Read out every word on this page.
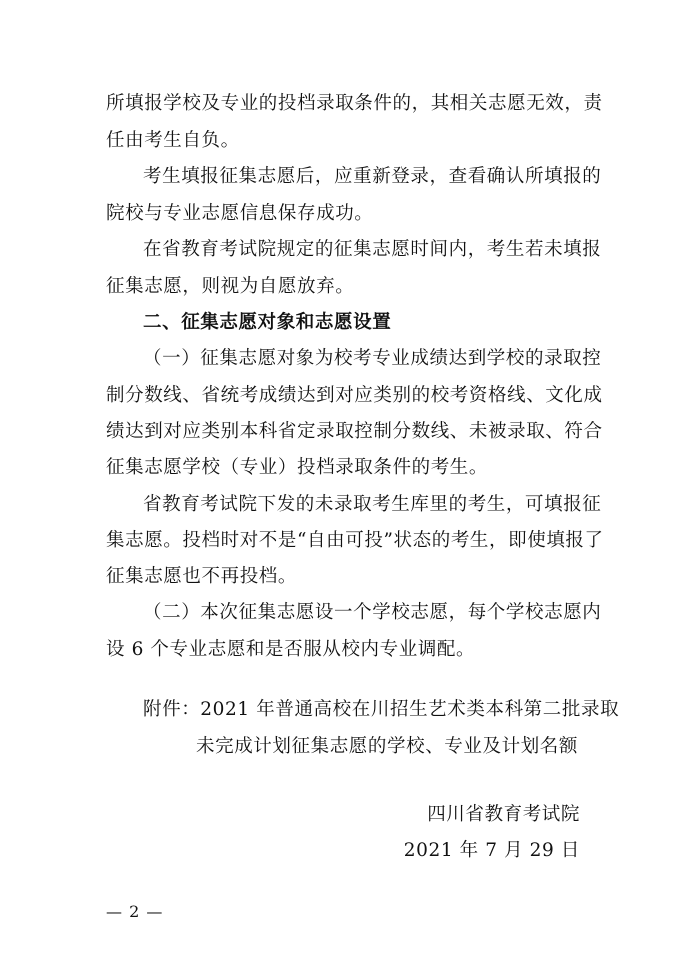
所填报学校及专业的投档录取条件的，其相关志愿无效，责
任由考生自负。
考生填报征集志愿后，应重新登录，查看确认所填报的
院校与专业志愿信息保存成功。
在省教育考试院规定的征集志愿时间内，考生若未填报
征集志愿，则视为自愿放弃。
二、征集志愿对象和志愿设置
（一）征集志愿对象为校考专业成绩达到学校的录取控
制分数线、省统考成绩达到对应类别的校考资格线、文化成
绩达到对应类别本科省定录取控制分数线、未被录取、符合
征集志愿学校（专业）投档录取条件的考生。
省教育考试院下发的未录取考生库里的考生，可填报征
集志愿。投档时对不是“自由可投”状态的考生，即使填报了
征集志愿也不再投档。
（二）本次征集志愿设一个学校志愿，每个学校志愿内
设 6 个专业志愿和是否服从校内专业调配。
附件：2021 年普通高校在川招生艺术类本科第二批录取
未完成计划征集志愿的学校、专业及计划名额
四川省教育考试院
2021 年 7 月 29 日
— 2 —
